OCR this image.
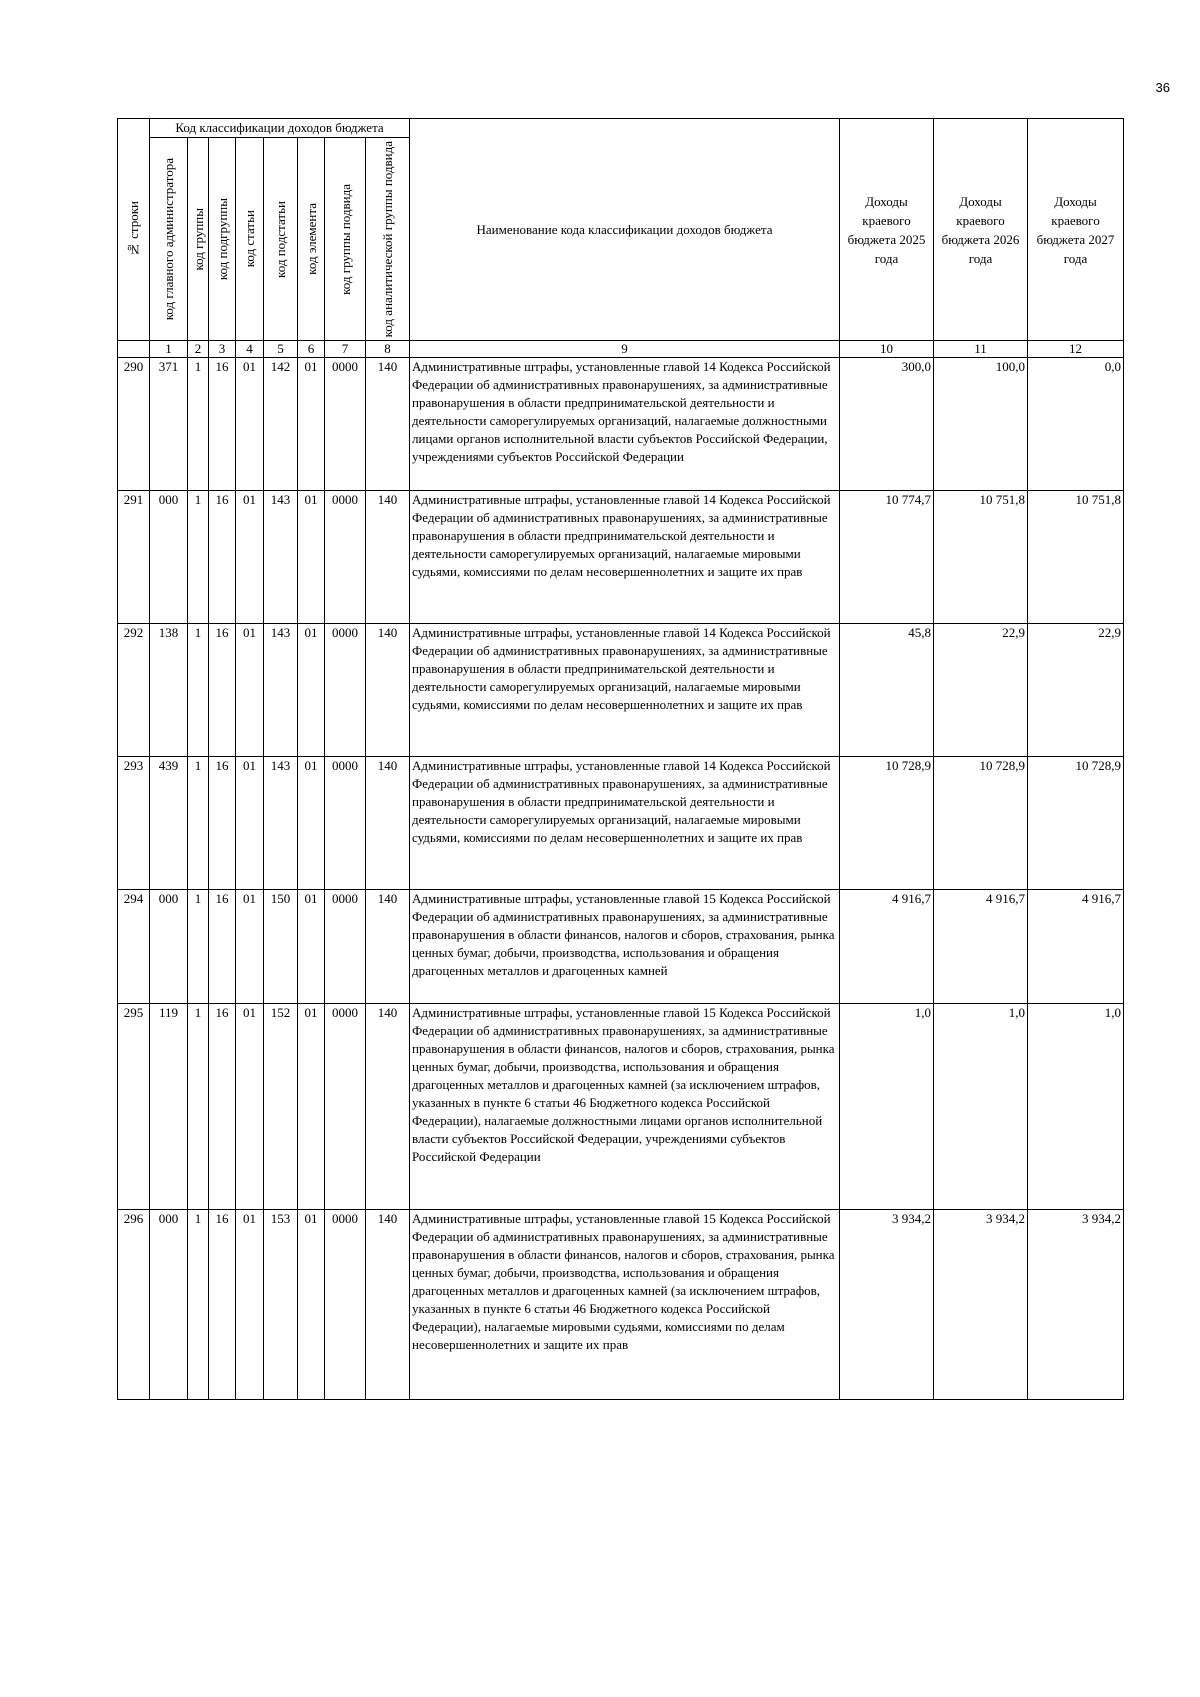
36
№ строки	Код классификации доходов бюджета								Наименование кода классификации доходов бюджета	Доходы краевого бюджета 2025 года	Доходы краевого бюджета 2026 года	Доходы краевого бюджета 2027 года

	код главного администратора	код группы	код подгруппы	код статьи	код подстатьи	код элемента	код группы подвида	код аналитической группы подвида				

	1	2	3	4	5	6	7	8	9	10	11	12
290	371	1	16	01	142	01	0000	140	Административные штрафы, установленные главой 14 Кодекса Российской Федерации об административных правонарушениях, за административные правонарушения в области предпринимательской деятельности и деятельности саморегулируемых организаций, налагаемые должностными лицами органов исполнительной власти субъектов Российской Федерации, учреждениями субъектов Российской Федерации	300,0	100,0	0,0
291	000	1	16	01	143	01	0000	140	Административные штрафы, установленные главой 14 Кодекса Российской Федерации об административных правонарушениях, за административные правонарушения в области предпринимательской деятельности и деятельности саморегулируемых организаций, налагаемые мировыми судьями, комиссиями по делам несовершеннолетних и защите их прав	10 774,7	10 751,8	10 751,8
292	138	1	16	01	143	01	0000	140	Административные штрафы, установленные главой 14 Кодекса Российской Федерации об административных правонарушениях, за административные правонарушения в области предпринимательской деятельности и деятельности саморегулируемых организаций, налагаемые мировыми судьями, комиссиями по делам несовершеннолетних и защите их прав	45,8	22,9	22,9
293	439	1	16	01	143	01	0000	140	Административные штрафы, установленные главой 14 Кодекса Российской Федерации об административных правонарушениях, за административные правонарушения в области предпринимательской деятельности и деятельности саморегулируемых организаций, налагаемые мировыми судьями, комиссиями по делам несовершеннолетних и защите их прав	10 728,9	10 728,9	10 728,9
294	000	1	16	01	150	01	0000	140	Административные штрафы, установленные главой 15 Кодекса Российской Федерации об административных правонарушениях, за административные правонарушения в области финансов, налогов и сборов, страхования, рынка ценных бумаг, добычи, производства, использования и обращения драгоценных металлов и драгоценных камней	4 916,7	4 916,7	4 916,7
295	119	1	16	01	152	01	0000	140	Административные штрафы, установленные главой 15 Кодекса Российской Федерации об административных правонарушениях, за административные правонарушения в области финансов, налогов и сборов, страхования, рынка ценных бумаг, добычи, производства, использования и обращения драгоценных металлов и драгоценных камней (за исключением штрафов, указанных в пункте 6 статьи 46 Бюджетного кодекса Российской Федерации), налагаемые должностными лицами органов исполнительной власти субъектов Российской Федерации, учреждениями субъектов Российской Федерации	1,0	1,0	1,0
296	000	1	16	01	153	01	0000	140	Административные штрафы, установленные главой 15 Кодекса Российской Федерации об административных правонарушениях, за административные правонарушения в области финансов, налогов и сборов, страхования, рынка ценных бумаг, добычи, производства, использования и обращения драгоценных металлов и драгоценных камней (за исключением штрафов, указанных в пункте 6 статьи 46 Бюджетного кодекса Российской Федерации), налагаемые мировыми судьями, комиссиями по делам несовершеннолетних и защите их прав	3 934,2	3 934,2	3 934,2
